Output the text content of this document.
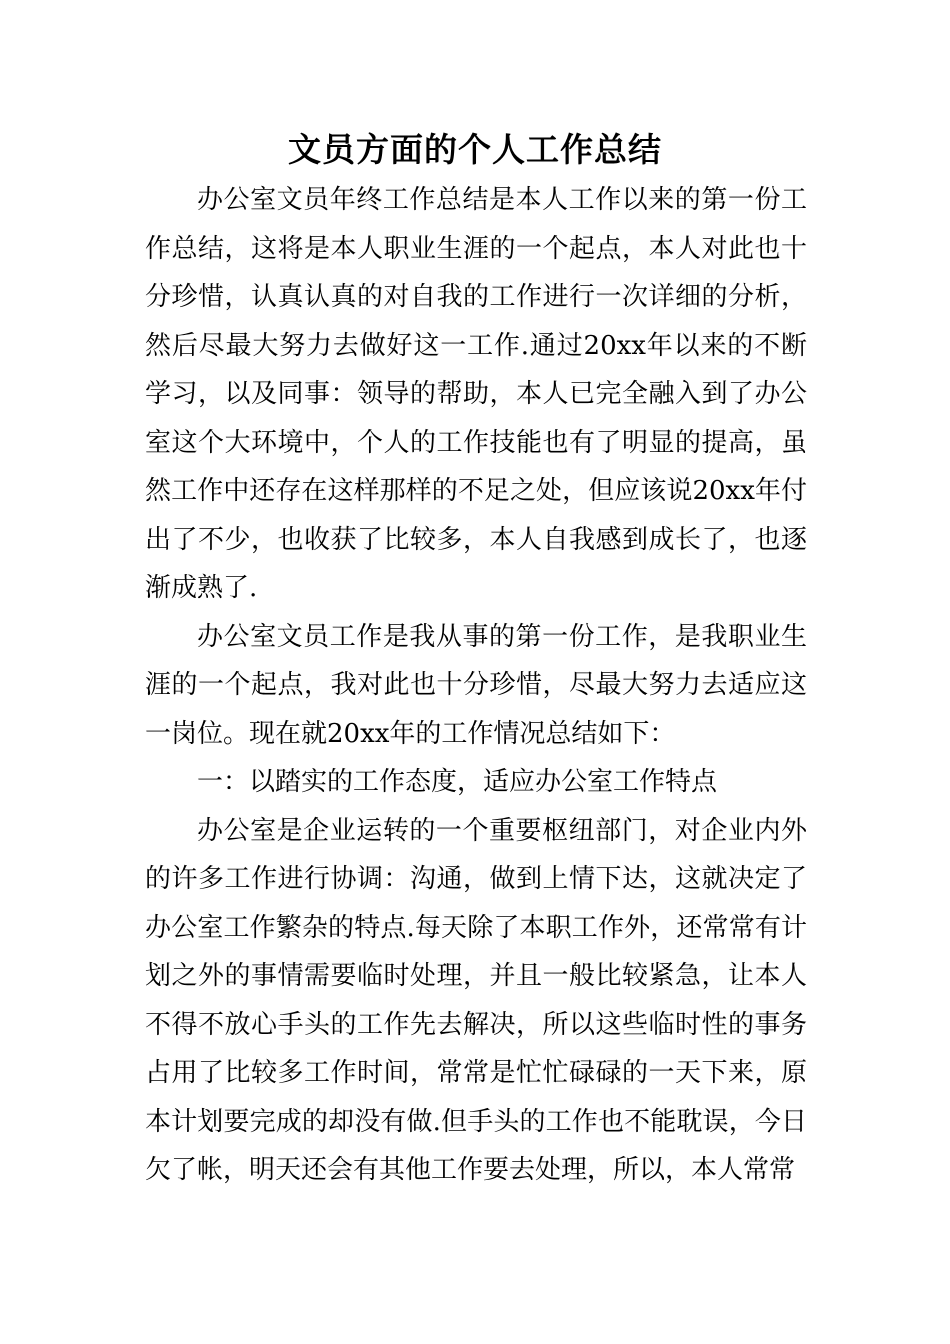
文员方面的个人工作总结

办公室文员年终工作总结是本人工作以来的第一份工作总结，这将是本人职业生涯的一个起点，本人对此也十分珍惜，认真认真的对自我的工作进行一次详细的分析，然后尽最大努力去做好这一工作.通过20xx年以来的不断学习，以及同事：领导的帮助，本人已完全融入到了办公室这个大环境中，个人的工作技能也有了明显的提高，虽然工作中还存在这样那样的不足之处，但应该说20xx年付出了不少，也收获了比较多，本人自我感到成长了，也逐渐成熟了.

办公室文员工作是我从事的第一份工作，是我职业生涯的一个起点，我对此也十分珍惜，尽最大努力去适应这一岗位。现在就20xx年的工作情况总结如下：

一：以踏实的工作态度，适应办公室工作特点

办公室是企业运转的一个重要枢纽部门，对企业内外的许多工作进行协调：沟通，做到上情下达，这就决定了办公室工作繁杂的特点.每天除了本职工作外，还常常有计划之外的事情需要临时处理，并且一般比较紧急，让本人不得不放心手头的工作先去解决，所以这些临时性的事务占用了比较多工作时间，常常是忙忙碌碌的一天下来，原本计划要完成的却没有做.但手头的工作也不能耽误，今日欠了帐，明天还会有其他工作要去处理，所以，本人常常
